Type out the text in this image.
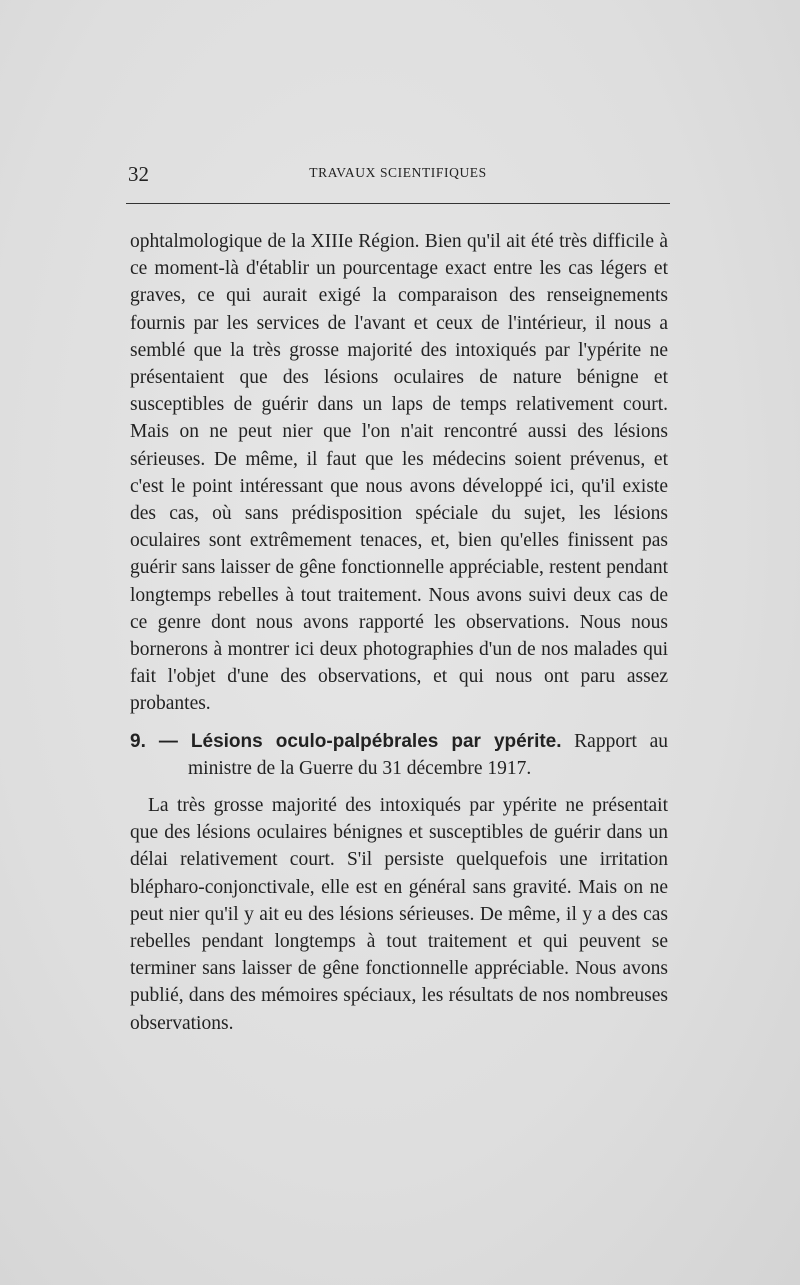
32	TRAVAUX SCIENTIFIQUES

ophtalmologique de la XIIIe Région. Bien qu'il ait été très difficile à ce moment-là d'établir un pourcentage exact entre les cas légers et graves, ce qui aurait exigé la comparaison des renseignements fournis par les services de l'avant et ceux de l'intérieur, il nous a semblé que la très grosse majorité des intoxiqués par l'ypérite ne présentaient que des lésions oculaires de nature bénigne et susceptibles de guérir dans un laps de temps relativement court. Mais on ne peut nier que l'on n'ait rencontré aussi des lésions sérieuses. De même, il faut que les médecins soient prévenus, et c'est le point intéressant que nous avons développé ici, qu'il existe des cas, où sans prédisposition spéciale du sujet, les lésions oculaires sont extrêmement tenaces, et, bien qu'elles finissent pas guérir sans laisser de gêne fonctionnelle appréciable, restent pendant longtemps rebelles à tout traitement. Nous avons suivi deux cas de ce genre dont nous avons rapporté les observations. Nous nous bornerons à montrer ici deux photographies d'un de nos malades qui fait l'objet d'une des observations, et qui nous ont paru assez probantes.

9. — Lésions oculo-palpébrales par ypérite. Rapport au ministre de la Guerre du 31 décembre 1917.

La très grosse majorité des intoxiqués par ypérite ne présentait que des lésions oculaires bénignes et susceptibles de guérir dans un délai relativement court. S'il persiste quelquefois une irritation blépharo-conjonctivale, elle est en général sans gravité. Mais on ne peut nier qu'il y ait eu des lésions sérieuses. De même, il y a des cas rebelles pendant longtemps à tout traitement et qui peuvent se terminer sans laisser de gêne fonctionnelle appréciable. Nous avons publié, dans des mémoires spéciaux, les résultats de nos nombreuses observations.
